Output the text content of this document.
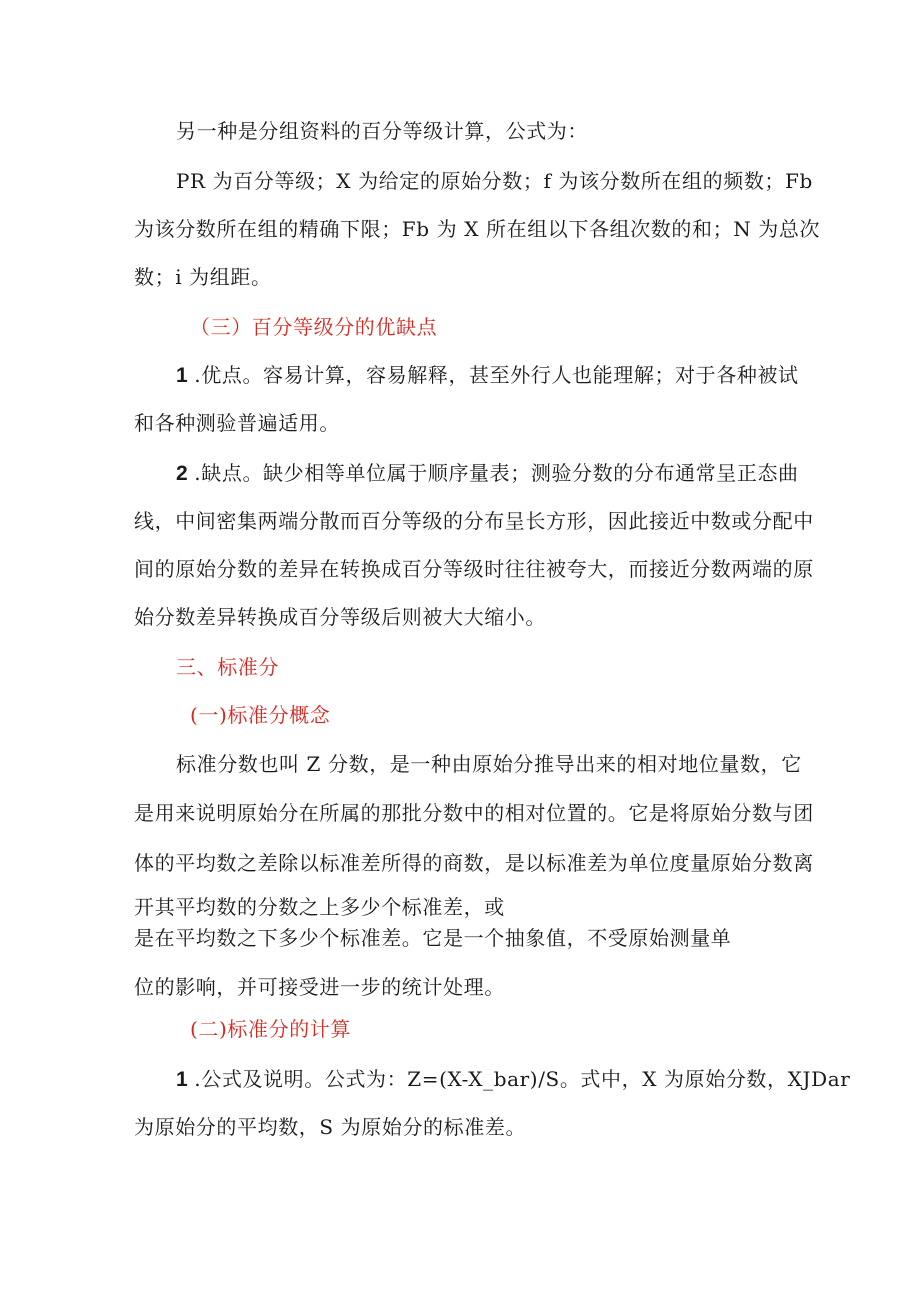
另一种是分组资料的百分等级计算，公式为：
PR 为百分等级；X 为给定的原始分数；f 为该分数所在组的频数；Fb
为该分数所在组的精确下限；Fb 为 X 所在组以下各组次数的和；N 为总次
数；i 为组距。
（三）百分等级分的优缺点
1 .优点。容易计算，容易解释，甚至外行人也能理解；对于各种被试
和各种测验普遍适用。
2 .缺点。缺少相等单位属于顺序量表；测验分数的分布通常呈正态曲
线，中间密集两端分散而百分等级的分布呈长方形，因此接近中数或分配中
间的原始分数的差异在转换成百分等级时往往被夸大，而接近分数两端的原
始分数差异转换成百分等级后则被大大缩小。
三、标准分
(一)标准分概念
标准分数也叫 Z 分数，是一种由原始分推导出来的相对地位量数，它
是用来说明原始分在所属的那批分数中的相对位置的。它是将原始分数与团
体的平均数之差除以标准差所得的商数，是以标准差为单位度量原始分数离
开其平均数的分数之上多少个标准差，或
是在平均数之下多少个标准差。它是一个抽象值，不受原始测量单
位的影响，并可接受进一步的统计处理。
(二)标准分的计算
1 .公式及说明。公式为：Z=(X-X_bar)/S。式中，X 为原始分数，XJDar
为原始分的平均数，S 为原始分的标准差。
